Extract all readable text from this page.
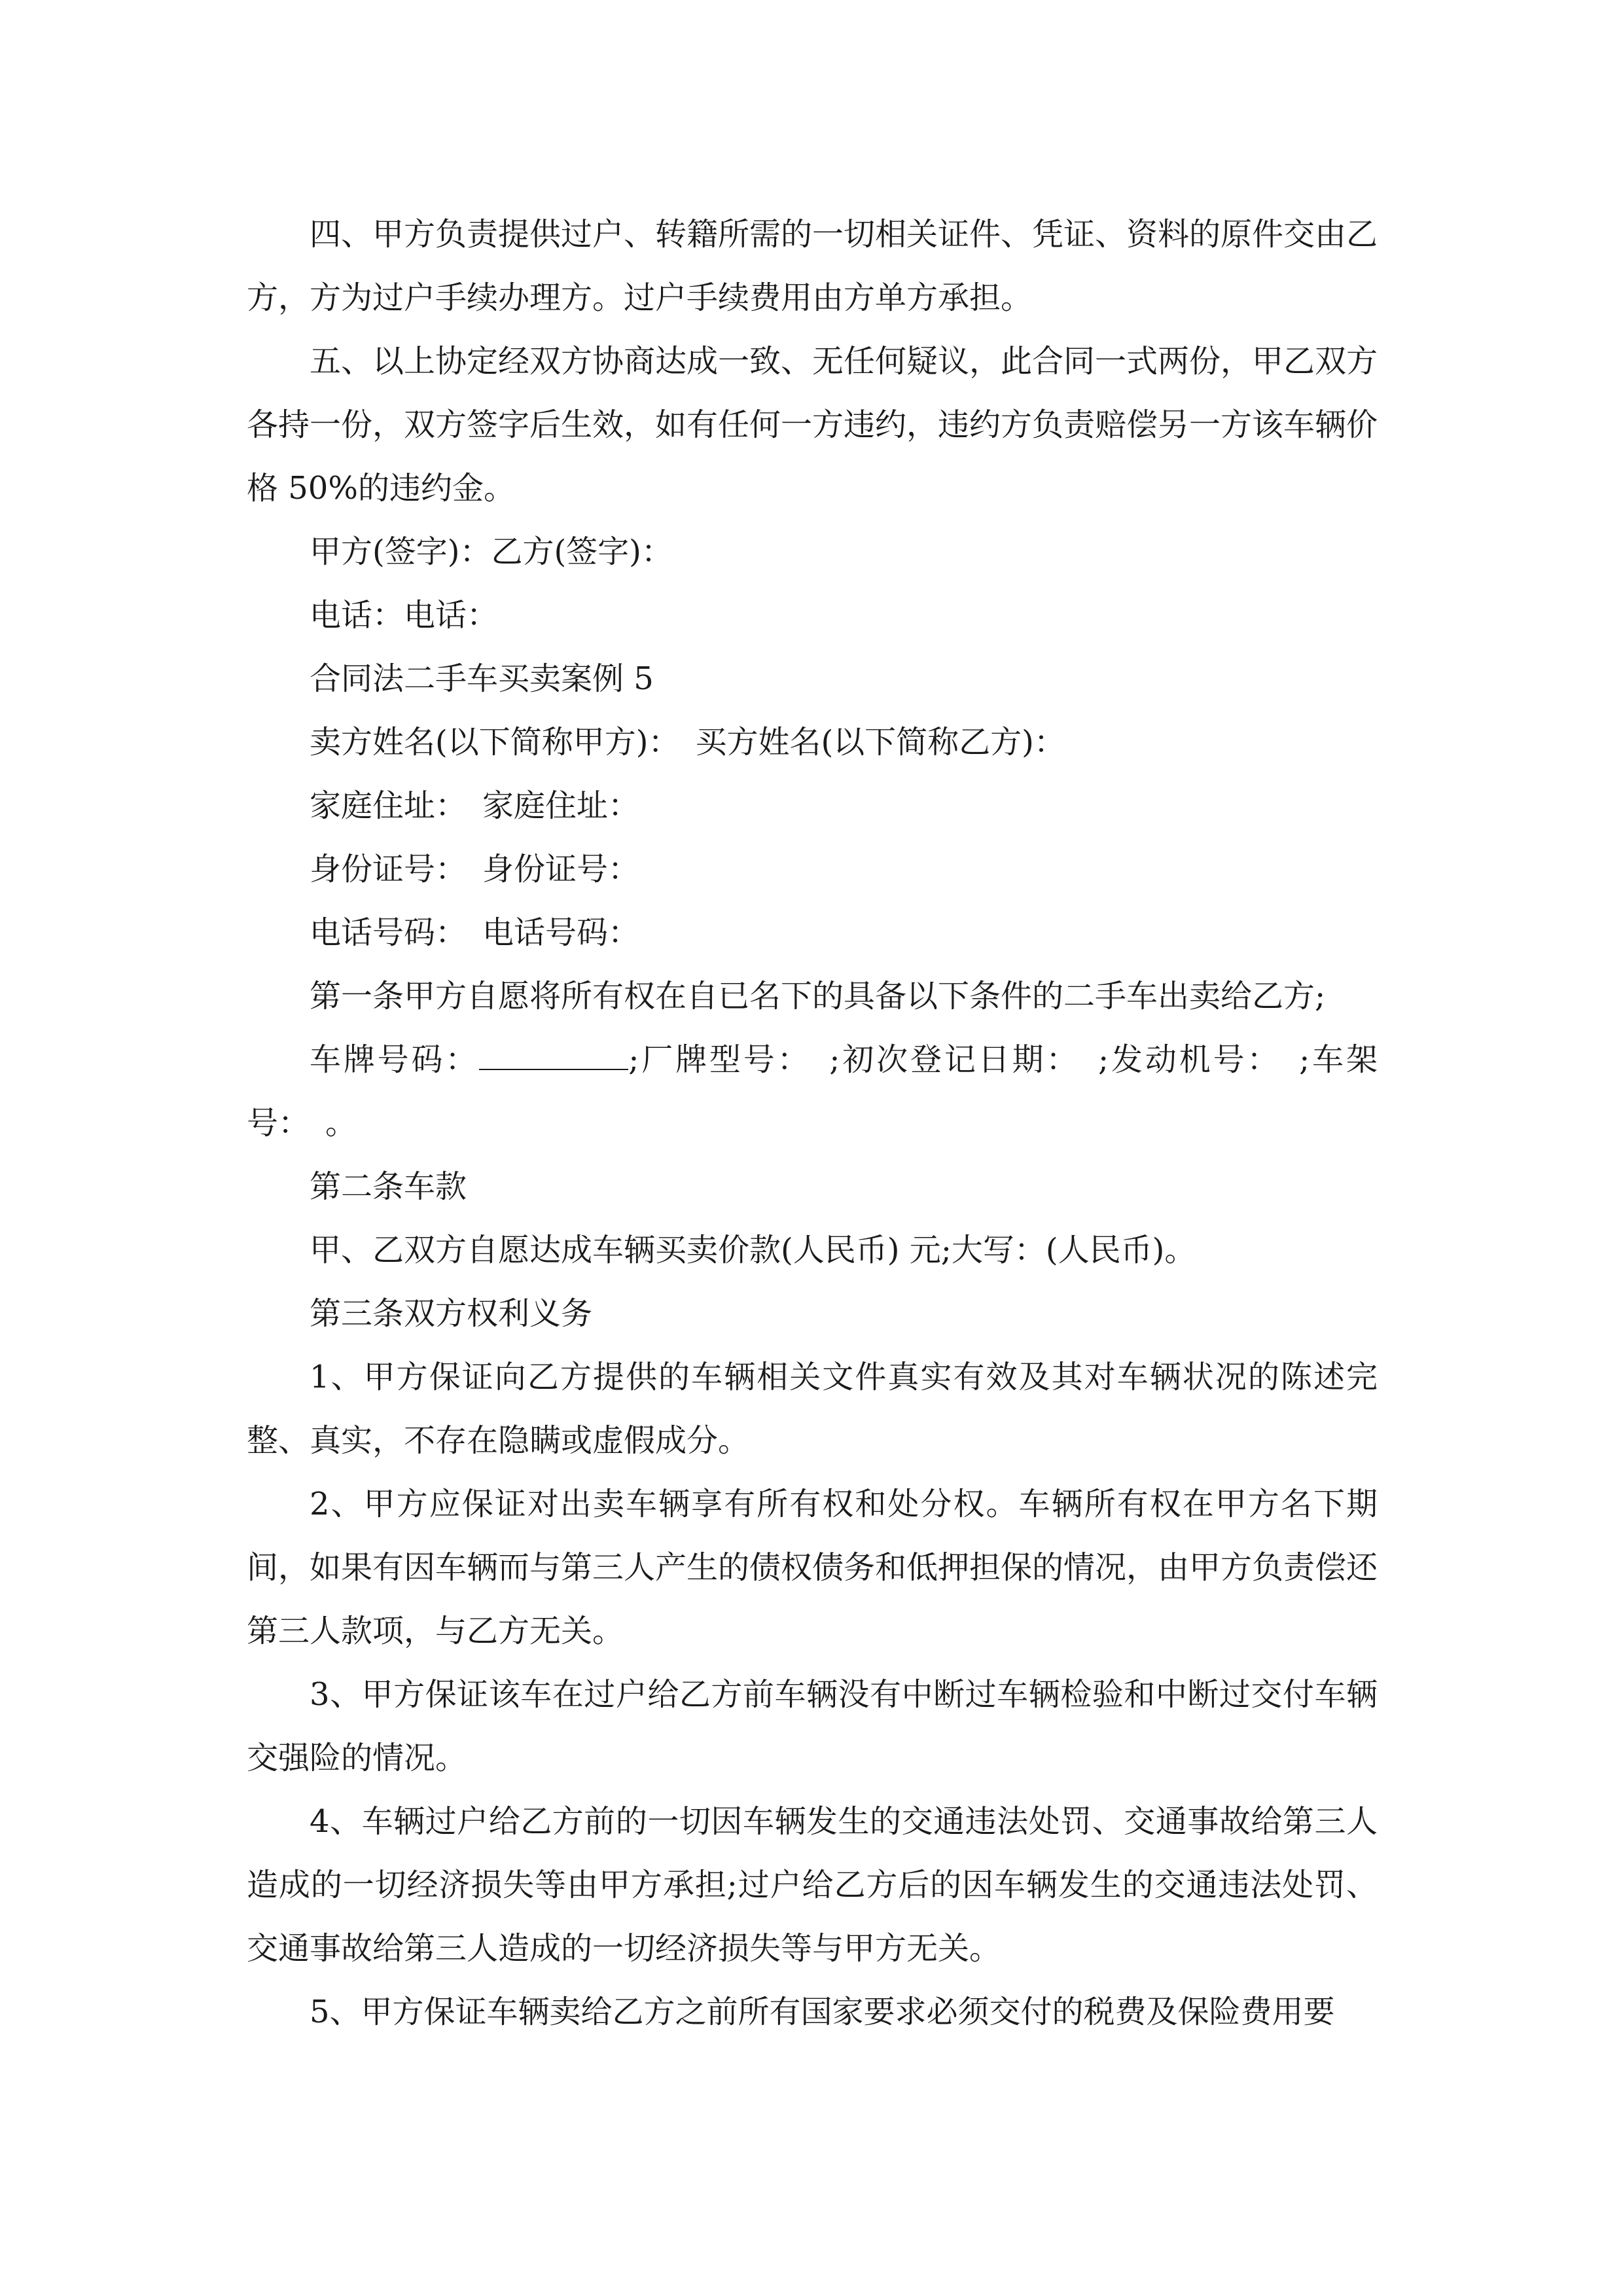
四、甲方负责提供过户、转籍所需的一切相关证件、凭证、资料的原件交由乙方，方为过户手续办理方。过户手续费用由方单方承担。

五、以上协定经双方协商达成一致、无任何疑议，此合同一式两份，甲乙双方各持一份，双方签字后生效，如有任何一方违约，违约方负责赔偿另一方该车辆价格 50%的违约金。

甲方(签字)：乙方(签字)：

电话：电话：

合同法二手车买卖案例 5

卖方姓名(以下简称甲方)：　买方姓名(以下简称乙方)：

家庭住址：　家庭住址：

身份证号：　身份证号：

电话号码：　电话号码：

第一条甲方自愿将所有权在自已名下的具备以下条件的二手车出卖给乙方;

车牌号码：	;厂牌型号：　;初次登记日期：　;发动机号：　;车架号：　。

第二条车款

甲、乙双方自愿达成车辆买卖价款(人民币) 元;大写：(人民币)。

第三条双方权利义务

1、甲方保证向乙方提供的车辆相关文件真实有效及其对车辆状况的陈述完整、真实，不存在隐瞒或虚假成分。

2、甲方应保证对出卖车辆享有所有权和处分权。车辆所有权在甲方名下期间，如果有因车辆而与第三人产生的债权债务和低押担保的情况，由甲方负责偿还第三人款项，与乙方无关。

3、甲方保证该车在过户给乙方前车辆没有中断过车辆检验和中断过交付车辆交强险的情况。

4、车辆过户给乙方前的一切因车辆发生的交通违法处罚、交通事故给第三人造成的一切经济损失等由甲方承担;过户给乙方后的因车辆发生的交通违法处罚、交通事故给第三人造成的一切经济损失等与甲方无关。

5、甲方保证车辆卖给乙方之前所有国家要求必须交付的税费及保险费用要
